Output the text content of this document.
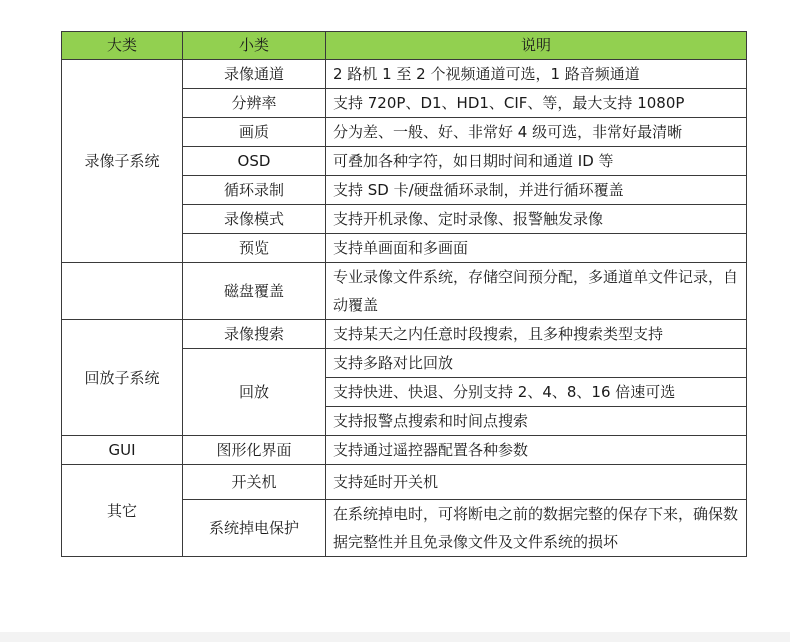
大类	小类	说明
录像子系统	录像通道	2 路机 1 至 2 个视频通道可选，1 路音频通道
	分辨率	支持 720P、D1、HD1、CIF、等，最大支持 1080P
	画质	分为差、一般、好、非常好 4 级可选，非常好最清晰
	OSD	可叠加各种字符，如日期时间和通道 ID 等
	循环录制	支持 SD 卡/硬盘循环录制，并进行循环覆盖
	录像模式	支持开机录像、定时录像、报警触发录像
	预览	支持单画面和多画面
	磁盘覆盖	专业录像文件系统，存储空间预分配，多通道单文件记录，自动覆盖
回放子系统	录像搜索	支持某天之内任意时段搜索，且多种搜索类型支持
	回放	支持多路对比回放
		支持快进、快退、分别支持 2、4、8、16 倍速可选
		支持报警点搜索和时间点搜索
GUI	图形化界面	支持通过遥控器配置各种参数
其它	开关机	支持延时开关机
	系统掉电保护	在系统掉电时，可将断电之前的数据完整的保存下来，确保数据完整性并且免录像文件及文件系统的损坏
